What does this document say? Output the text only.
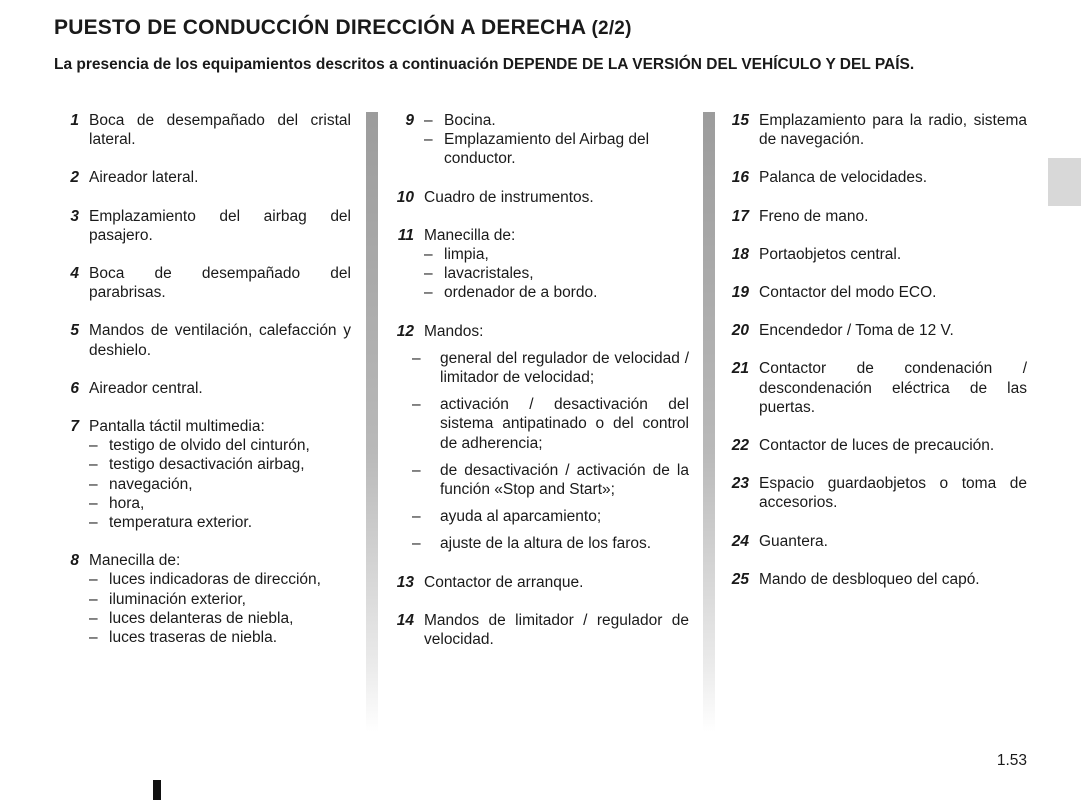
PUESTO DE CONDUCCIÓN DIRECCIÓN A DERECHA (2/2)

La presencia de los equipamientos descritos a continuación DEPENDE DE LA VERSIÓN DEL VEHÍCULO Y DEL PAÍS.

1 Boca de desempañado del cristal lateral.
2 Aireador lateral.
3 Emplazamiento del airbag del pasajero.
4 Boca de desempañado del parabrisas.
5 Mandos de ventilación, calefacción y deshielo.
6 Aireador central.
7 Pantalla táctil multimedia:
– testigo de olvido del cinturón,
– testigo desactivación airbag,
– navegación,
– hora,
– temperatura exterior.
8 Manecilla de:
– luces indicadoras de dirección,
– iluminación exterior,
– luces delanteras de niebla,
– luces traseras de niebla.
9 – Bocina.
– Emplazamiento del Airbag del conductor.
10 Cuadro de instrumentos.
11 Manecilla de:
– limpia,
– lavacristales,
– ordenador de a bordo.
12 Mandos:
–	general del regulador de velocidad / limitador de velocidad;
–	activación / desactivación del sistema antipatinado o del control de adherencia;
–	de desactivación / activación de la función «Stop and Start»;
–	ayuda al aparcamiento;
–	ajuste de la altura de los faros.
13 Contactor de arranque.
14 Mandos de limitador / regulador de velocidad.
15 Emplazamiento para la radio, sistema de navegación.
16 Palanca de velocidades.
17 Freno de mano.
18 Portaobjetos central.
19 Contactor del modo ECO.
20 Encendedor / Toma de 12 V.
21 Contactor de condenación / descondenación eléctrica de las puertas.
22 Contactor de luces de precaución.
23 Espacio guardaobjetos o toma de accesorios.
24 Guantera.
25 Mando de desbloqueo del capó.
1.53
